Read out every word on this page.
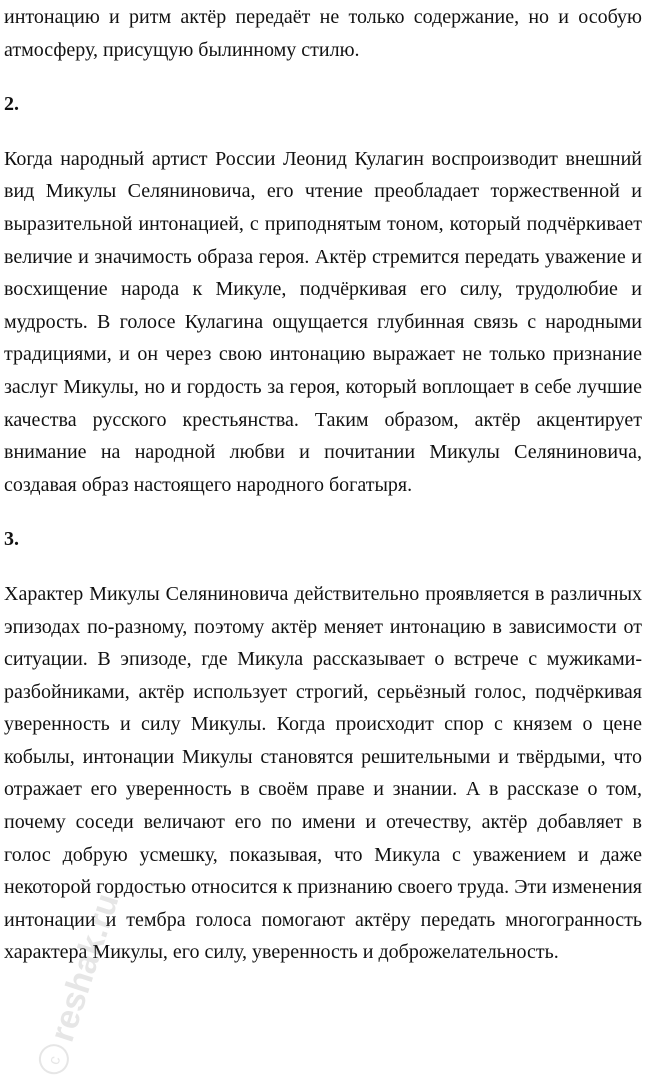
интонацию и ритм актёр передаёт не только содержание, но и особую атмосферу, присущую былинному стилю.

2.

Когда народный артист России Леонид Кулагин воспроизводит внешний вид Микулы Селяниновича, его чтение преобладает торжественной и выразительной интонацией, с приподнятым тоном, который подчёркивает величие и значимость образа героя. Актёр стремится передать уважение и восхищение народа к Микуле, подчёркивая его силу, трудолюбие и мудрость. В голосе Кулагина ощущается глубинная связь с народными традициями, и он через свою интонацию выражает не только признание заслуг Микулы, но и гордость за героя, который воплощает в себе лучшие качества русского крестьянства. Таким образом, актёр акцентирует внимание на народной любви и почитании Микулы Селяниновича, создавая образ настоящего народного богатыря.

3.

Характер Микулы Селяниновича действительно проявляется в различных эпизодах по-разному, поэтому актёр меняет интонацию в зависимости от ситуации. В эпизоде, где Микула рассказывает о встрече с мужиками-разбойниками, актёр использует строгий, серьёзный голос, подчёркивая уверенность и силу Микулы. Когда происходит спор с князем о цене кобылы, интонации Микулы становятся решительными и твёрдыми, что отражает его уверенность в своём праве и знании. А в рассказе о том, почему соседи величают его по имени и отечеству, актёр добавляет в голос добрую усмешку, показывая, что Микула с уважением и даже некоторой гордостью относится к признанию своего труда. Эти изменения интонации и тембра голоса помогают актёру передать многогранность характера Микулы, его силу, уверенность и доброжелательность.

c
reshak.ru
